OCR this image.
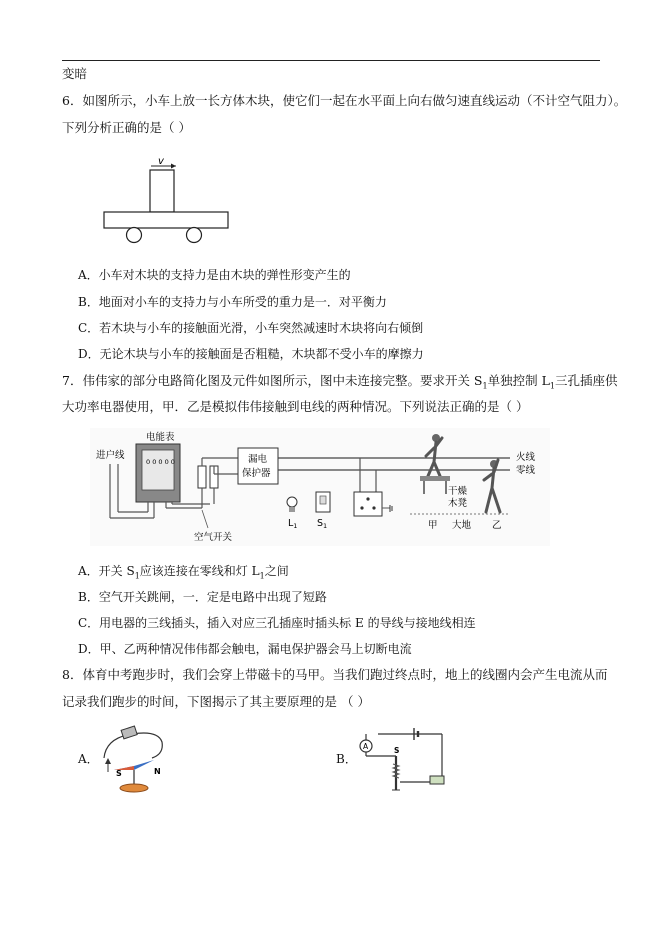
变暗
6．如图所示，小车上放一长方体木块，使它们一起在水平面上向右做匀速直线运动（不计空气阻力）。
下列分析正确的是（ ）
v
A．小车对木块的支持力是由木块的弹性形变产生的
B．地面对小车的支持力与小车所受的重力是一．对平衡力
C．若木块与小车的接触面光滑，小车突然减速时木块将向右倾倒
D．无论木块与小车的接触面是否粗糙，木块都不受小车的摩擦力
7．伟伟家的部分电路简化图及元件如图所示，图中未连接完整。要求开关 $S_1$单独控制 $L_1$三孔插座供
大功率电器使用，甲．乙是模拟伟伟接触到电线的两种情况。下列说法正确的是（ ）
进户线
电能表
0 0 0 0 0
空气开关
漏电
保护器
火线
零线
$L_1$ $S_1$
干燥
木凳
甲 大地 乙
A．开关 $S_1$应该连接在零线和灯 $L_1$之间
B．空气开关跳闸，一．定是电路中出现了短路
C．用电器的三线插头，插入对应三孔插座时插头标 E 的导线与接地线相连
D．甲、乙两种情况伟伟都会触电，漏电保护器会马上切断电流
8．体育中考跑步时，我们会穿上带磁卡的马甲。当我们跑过终点时，地上的线圈内会产生电流从而
记录我们跑步的时间，下图揭示了其主要原理的是 （ ）
A．
S	N
B．
A	S
